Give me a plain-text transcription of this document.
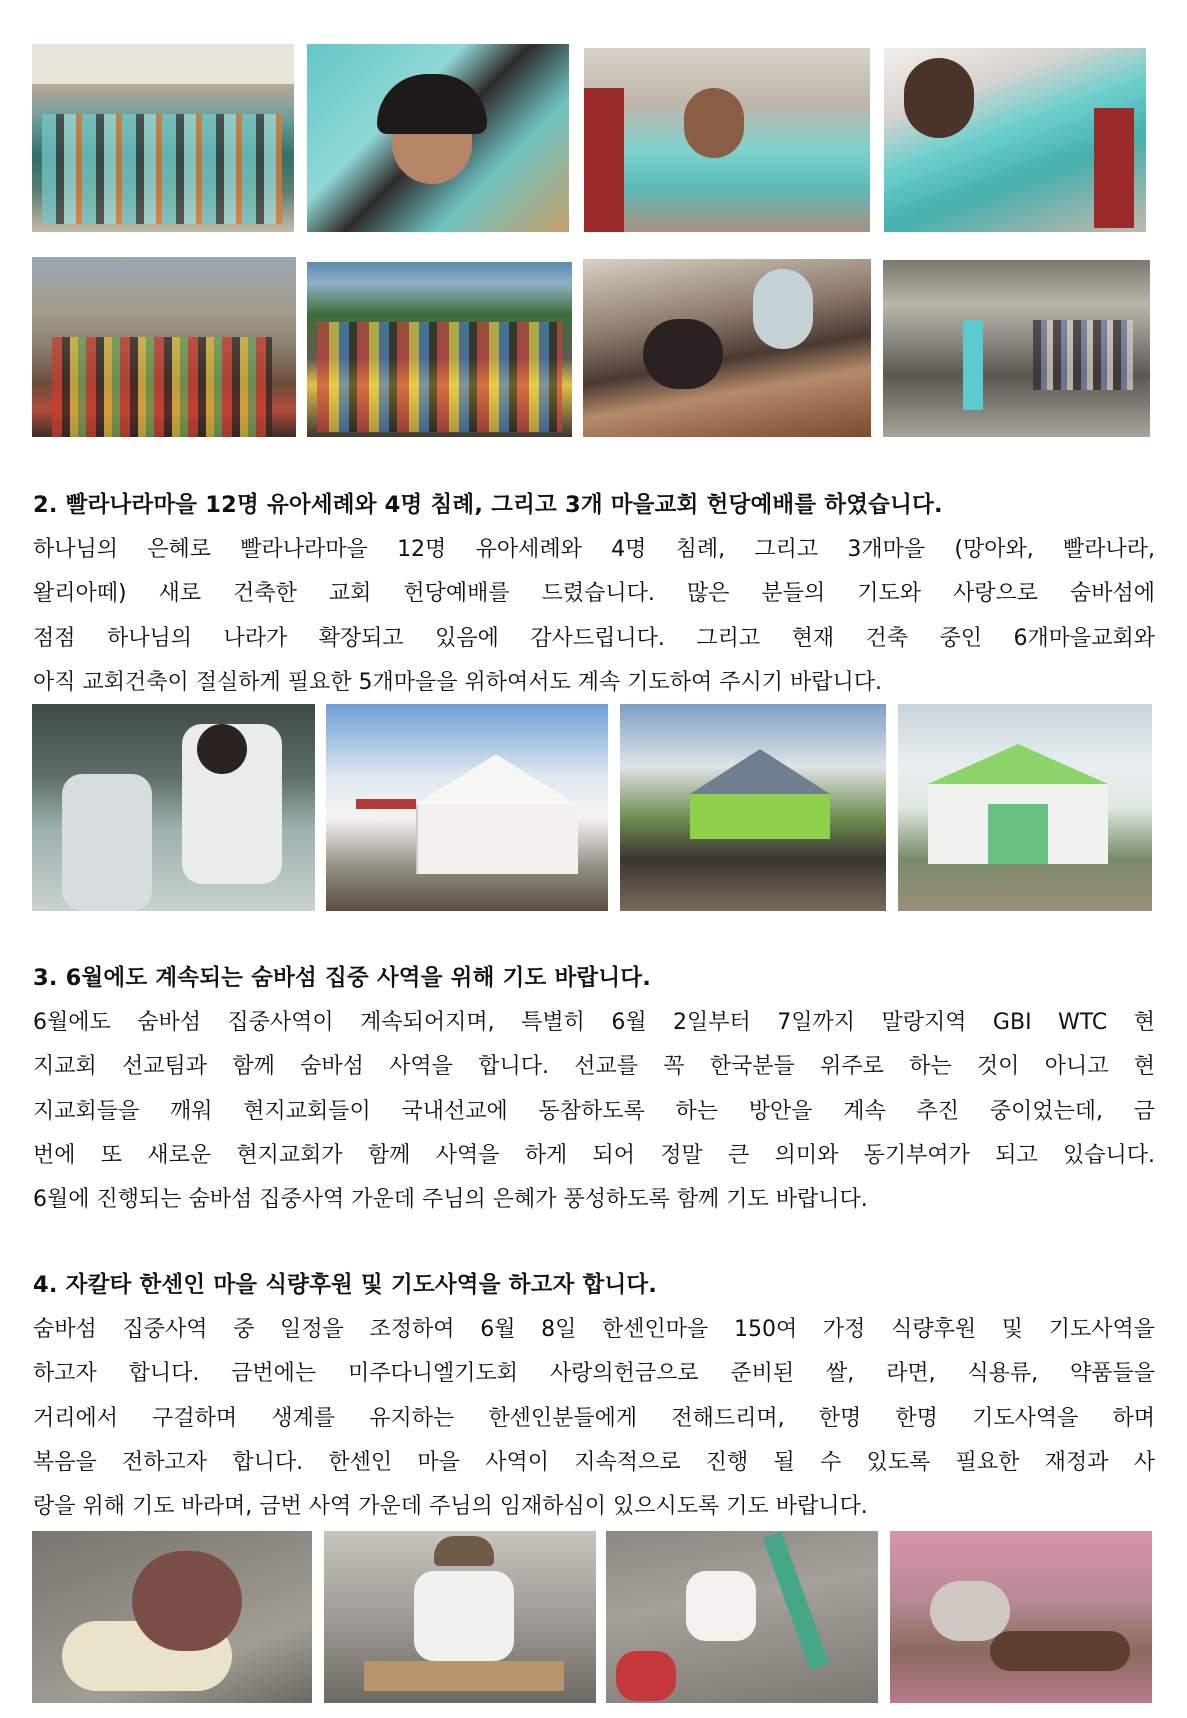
2. 빨라나라마을 12명 유아세례와 4명 침례, 그리고 3개 마을교회 헌당예배를 하였습니다.
하나님의 은혜로 빨라나라마을 12명 유아세례와 4명 침례, 그리고 3개마을 (망아와, 빨라나라,
왈리아떼) 새로 건축한 교회 헌당예배를 드렸습니다. 많은 분들의 기도와 사랑으로 숨바섬에
점점 하나님의 나라가 확장되고 있음에 감사드립니다. 그리고 현재 건축 중인 6개마을교회와
아직 교회건축이 절실하게 필요한 5개마을을 위하여서도 계속 기도하여 주시기 바랍니다.
3. 6월에도 계속되는 숨바섬 집중 사역을 위해 기도 바랍니다.
6월에도 숨바섬 집중사역이 계속되어지며, 특별히 6월 2일부터 7일까지 말랑지역 GBI WTC 현
지교회 선교팀과 함께 숨바섬 사역을 합니다. 선교를 꼭 한국분들 위주로 하는 것이 아니고 현
지교회들을 깨워 현지교회들이 국내선교에 동참하도록 하는 방안을 계속 추진 중이었는데, 금
번에 또 새로운 현지교회가 함께 사역을 하게 되어 정말 큰 의미와 동기부여가 되고 있습니다.
6월에 진행되는 숨바섬 집중사역 가운데 주님의 은혜가 풍성하도록 함께 기도 바랍니다.
4. 자칼타 한센인 마을 식량후원 및 기도사역을 하고자 합니다.
숨바섬 집중사역 중 일정을 조정하여 6월 8일 한센인마을 150여 가정 식량후원 및 기도사역을
하고자 합니다. 금번에는 미주다니엘기도회 사랑의헌금으로 준비된 쌀, 라면, 식용류, 약품들을
거리에서 구걸하며 생계를 유지하는 한센인분들에게 전해드리며, 한명 한명 기도사역을 하며
복음을 전하고자 합니다. 한센인 마을 사역이 지속적으로 진행 될 수 있도록 필요한 재정과 사
랑을 위해 기도 바라며, 금번 사역 가운데 주님의 임재하심이 있으시도록 기도 바랍니다.
